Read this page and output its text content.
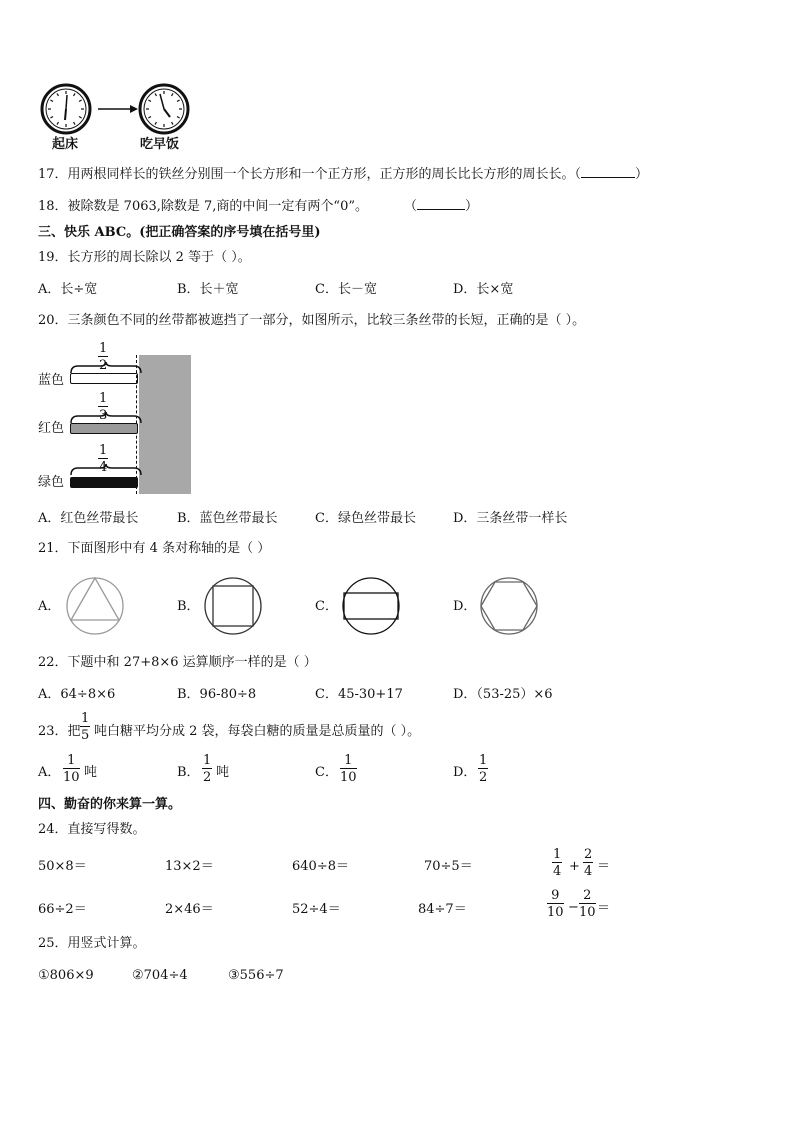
起床	吃早饭
17．用两根同样长的铁丝分别围一个长方形和一个正方形，正方形的周长比长方形的周长长。（	）
18．被除数是 7063,除数是 7,商的中间一定有两个“0”。	（	）
三、快乐 ABC。(把正确答案的序号填在括号里)
19．长方形的周长除以 2 等于（ ）。
A．长÷宽	B．长＋宽	C．长－宽	D．长×宽
20．三条颜色不同的丝带都被遮挡了一部分，如图所示，比较三条丝带的长短，正确的是（ ）。
1
2
蓝色
1
3
红色
1
4
绿色
A．红色丝带最长	B．蓝色丝带最长	C．绿色丝带最长	D．三条丝带一样长
21．下面图形中有 4 条对称轴的是（ ）
A．	B．	C．	D．
22．下题中和 27+8×6 运算顺序一样的是（ ）
A．64÷8×6	B．96-80÷8	C．45-30+17	D．（53-25）×6
23．把
1
5 吨白糖平均分成 2 袋，每袋白糖的质量是总质量的（ ）。
A．
1
10 吨	B．
1
2 吨	C．
1
10	D．
1
2
四、勤奋的你来算一算。
24．直接写得数。
50×8＝	13×2＝	640÷8＝	70÷5＝
1
4 +
2
4 ＝
66÷2＝	2×46＝	52÷4＝	84÷7＝
9
10 −
2
10 ＝
25．用竖式计算。
①806×9	②704÷4	③556÷7
